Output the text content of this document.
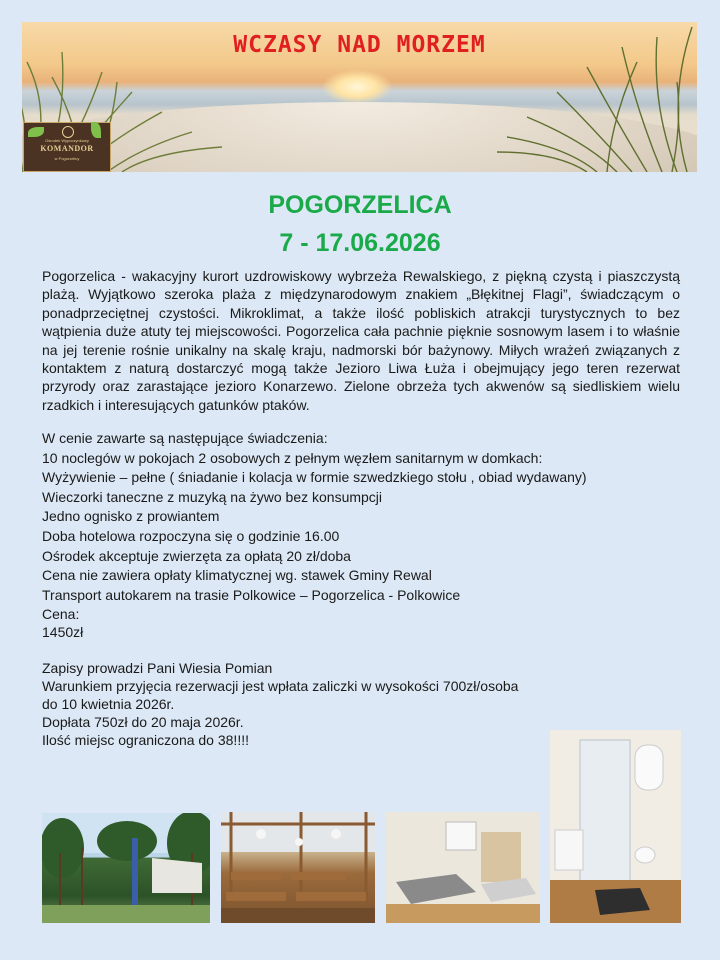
WCZASY NAD MORZEM
Ośrodek Wypoczynkowy
KOMANDOR
w Pogorzelicy
POGORZELICA
7 - 17.06.2026
Pogorzelica - wakacyjny kurort uzdrowiskowy wybrzeża Rewalskiego, z piękną czystą i piaszczystą plażą. Wyjątkowo szeroka plaża z międzynarodowym znakiem „Błękitnej Flagi”, świadczącym o ponadprzeciętnej czystości. Mikroklimat, a także ilość pobliskich atrakcji turystycznych to bez wątpienia duże atuty tej miejscowości. Pogorzelica cała pachnie pięknie sosnowym lasem i to właśnie na jej terenie rośnie unikalny na skalę kraju, nadmorski bór bażynowy. Miłych wrażeń związanych z kontaktem z naturą dostarczyć mogą także Jezioro Liwa Łuża i obejmujący jego teren rezerwat przyrody oraz zarastające jezioro Konarzewo. Zielone obrzeża tych akwenów są siedliskiem wielu rzadkich i interesujących gatunków ptaków.
W cenie zawarte są następujące świadczenia:
10 noclegów w pokojach 2 osobowych z pełnym węzłem sanitarnym w domkach:
Wyżywienie – pełne ( śniadanie i kolacja w formie szwedzkiego stołu , obiad wydawany)
Wieczorki taneczne z muzyką na żywo bez konsumpcji
Jedno ognisko z prowiantem
Doba hotelowa rozpoczyna się o godzinie 16.00
Ośrodek akceptuje zwierzęta za opłatą 20 zł/doba
Cena nie zawiera opłaty klimatycznej wg. stawek Gminy Rewal
Transport autokarem na trasie Polkowice – Pogorzelica - Polkowice
Cena:
1450zł
Zapisy prowadzi Pani Wiesia Pomian
Warunkiem przyjęcia rezerwacji jest wpłata zaliczki w wysokości 700zł/osoba
do 10 kwietnia 2026r.
Dopłata 750zł do 20 maja 2026r.
Ilość miejsc ograniczona do 38!!!!
